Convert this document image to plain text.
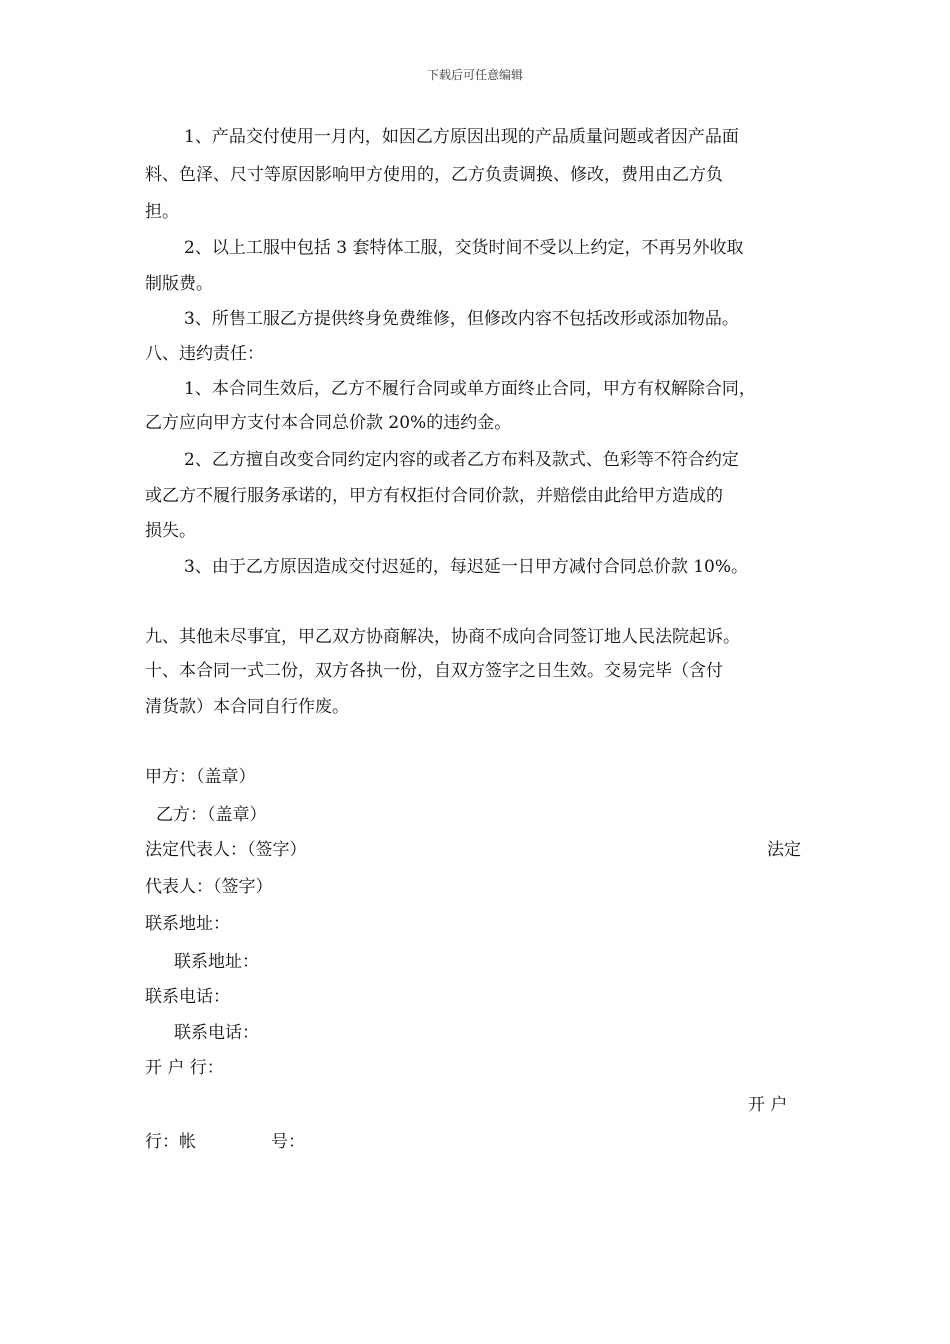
下载后可任意编辑
1、产品交付使用一月内，如因乙方原因出现的产品质量问题或者因产品面
料、色泽、尺寸等原因影响甲方使用的，乙方负责调换、修改，费用由乙方负
担。
2、以上工服中包括 3 套特体工服，交货时间不受以上约定，不再另外收取
制版费。
3、所售工服乙方提供终身免费维修，但修改内容不包括改形或添加物品。
八、违约责任：
1、本合同生效后，乙方不履行合同或单方面终止合同，甲方有权解除合同，
乙方应向甲方支付本合同总价款 20%的违约金。
2、乙方擅自改变合同约定内容的或者乙方布料及款式、色彩等不符合约定
或乙方不履行服务承诺的，甲方有权拒付合同价款，并赔偿由此给甲方造成的
损失。
3、由于乙方原因造成交付迟延的，每迟延一日甲方减付合同总价款 10%。
九、其他未尽事宜，甲乙双方协商解决，协商不成向合同签订地人民法院起诉。
十、本合同一式二份，双方各执一份，自双方签字之日生效。交易完毕（含付
清货款）本合同自行作废。
甲方：（盖章）
乙方：（盖章）
法定代表人：（签字）	法定
代表人：（签字）
联系地址：
联系地址：
联系电话：
联系电话：
开 户 行：
开 户
行：帐	号：
